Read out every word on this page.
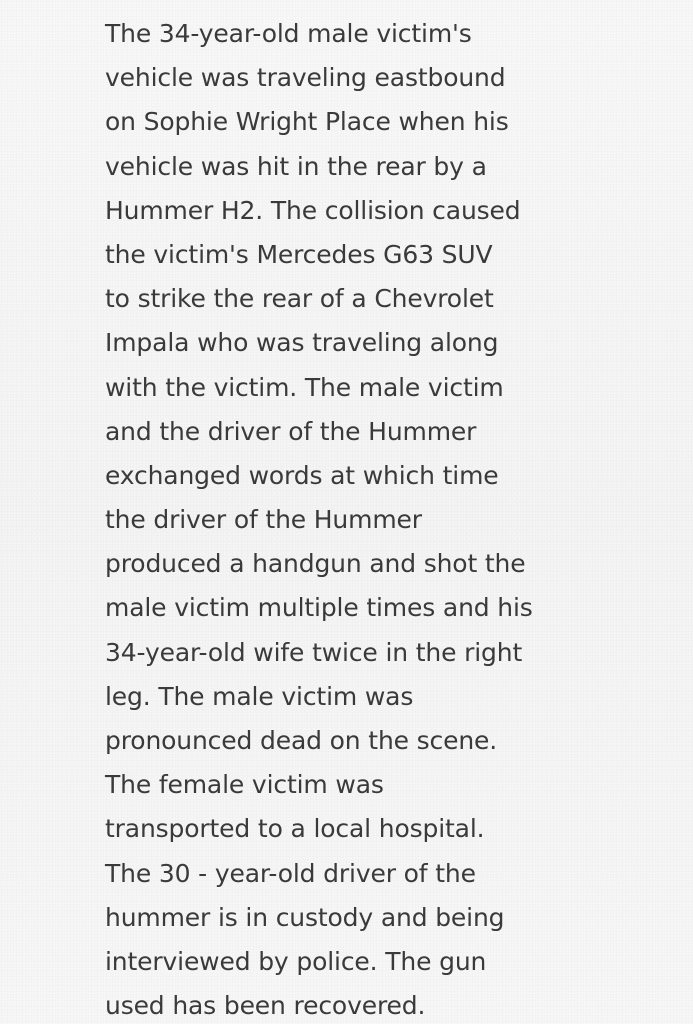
The 34-year-old male victim's
vehicle was traveling eastbound
on Sophie Wright Place when his
vehicle was hit in the rear by a
Hummer H2. The collision caused
the victim's Mercedes G63 SUV
to strike the rear of a Chevrolet
Impala who was traveling along
with the victim. The male victim
and the driver of the Hummer
exchanged words at which time
the driver of the Hummer
produced a handgun and shot the
male victim multiple times and his
34-year-old wife twice in the right
leg. The male victim was
pronounced dead on the scene.
The female victim was
transported to a local hospital.
The 30 - year-old driver of the
hummer is in custody and being
interviewed by police. The gun
used has been recovered.
